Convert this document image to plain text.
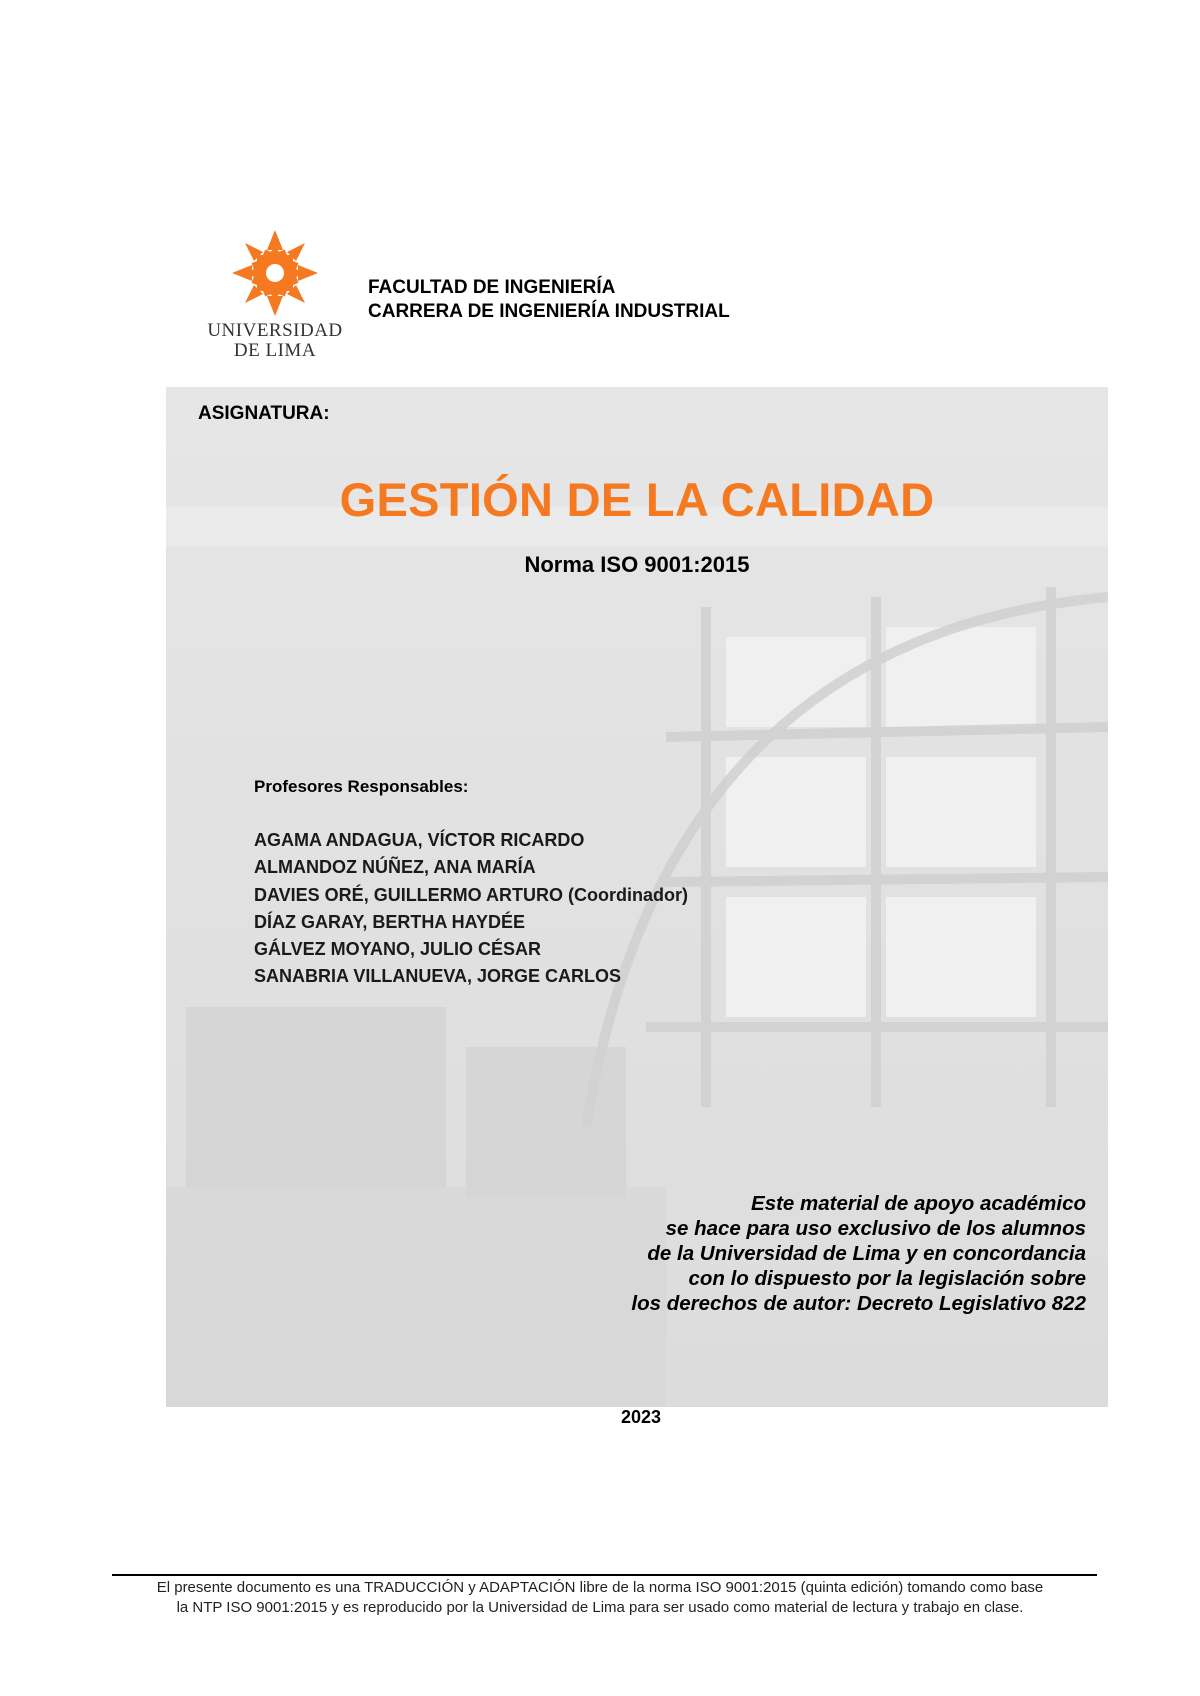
UNIVERSIDAD
DE LIMA
FACULTAD DE INGENIERÍA
CARRERA DE INGENIERÍA INDUSTRIAL
ASIGNATURA:
GESTIÓN DE LA CALIDAD
Norma ISO 9001:2015
Profesores Responsables:
AGAMA ANDAGUA, VÍCTOR RICARDO
ALMANDOZ NÚÑEZ, ANA MARÍA
DAVIES ORÉ, GUILLERMO ARTURO (Coordinador)
DÍAZ GARAY, BERTHA HAYDÉE
GÁLVEZ MOYANO, JULIO CÉSAR
SANABRIA VILLANUEVA, JORGE CARLOS
Este material de apoyo académico
se hace para uso exclusivo de los alumnos
de la Universidad de Lima y en concordancia
con lo dispuesto por la legislación sobre
los derechos de autor: Decreto Legislativo 822
2023
El presente documento es una TRADUCCIÓN y ADAPTACIÓN libre de la norma ISO 9001:2015 (quinta edición) tomando como base
la NTP ISO 9001:2015 y es reproducido por la Universidad de Lima para ser usado como material de lectura y trabajo en clase.
